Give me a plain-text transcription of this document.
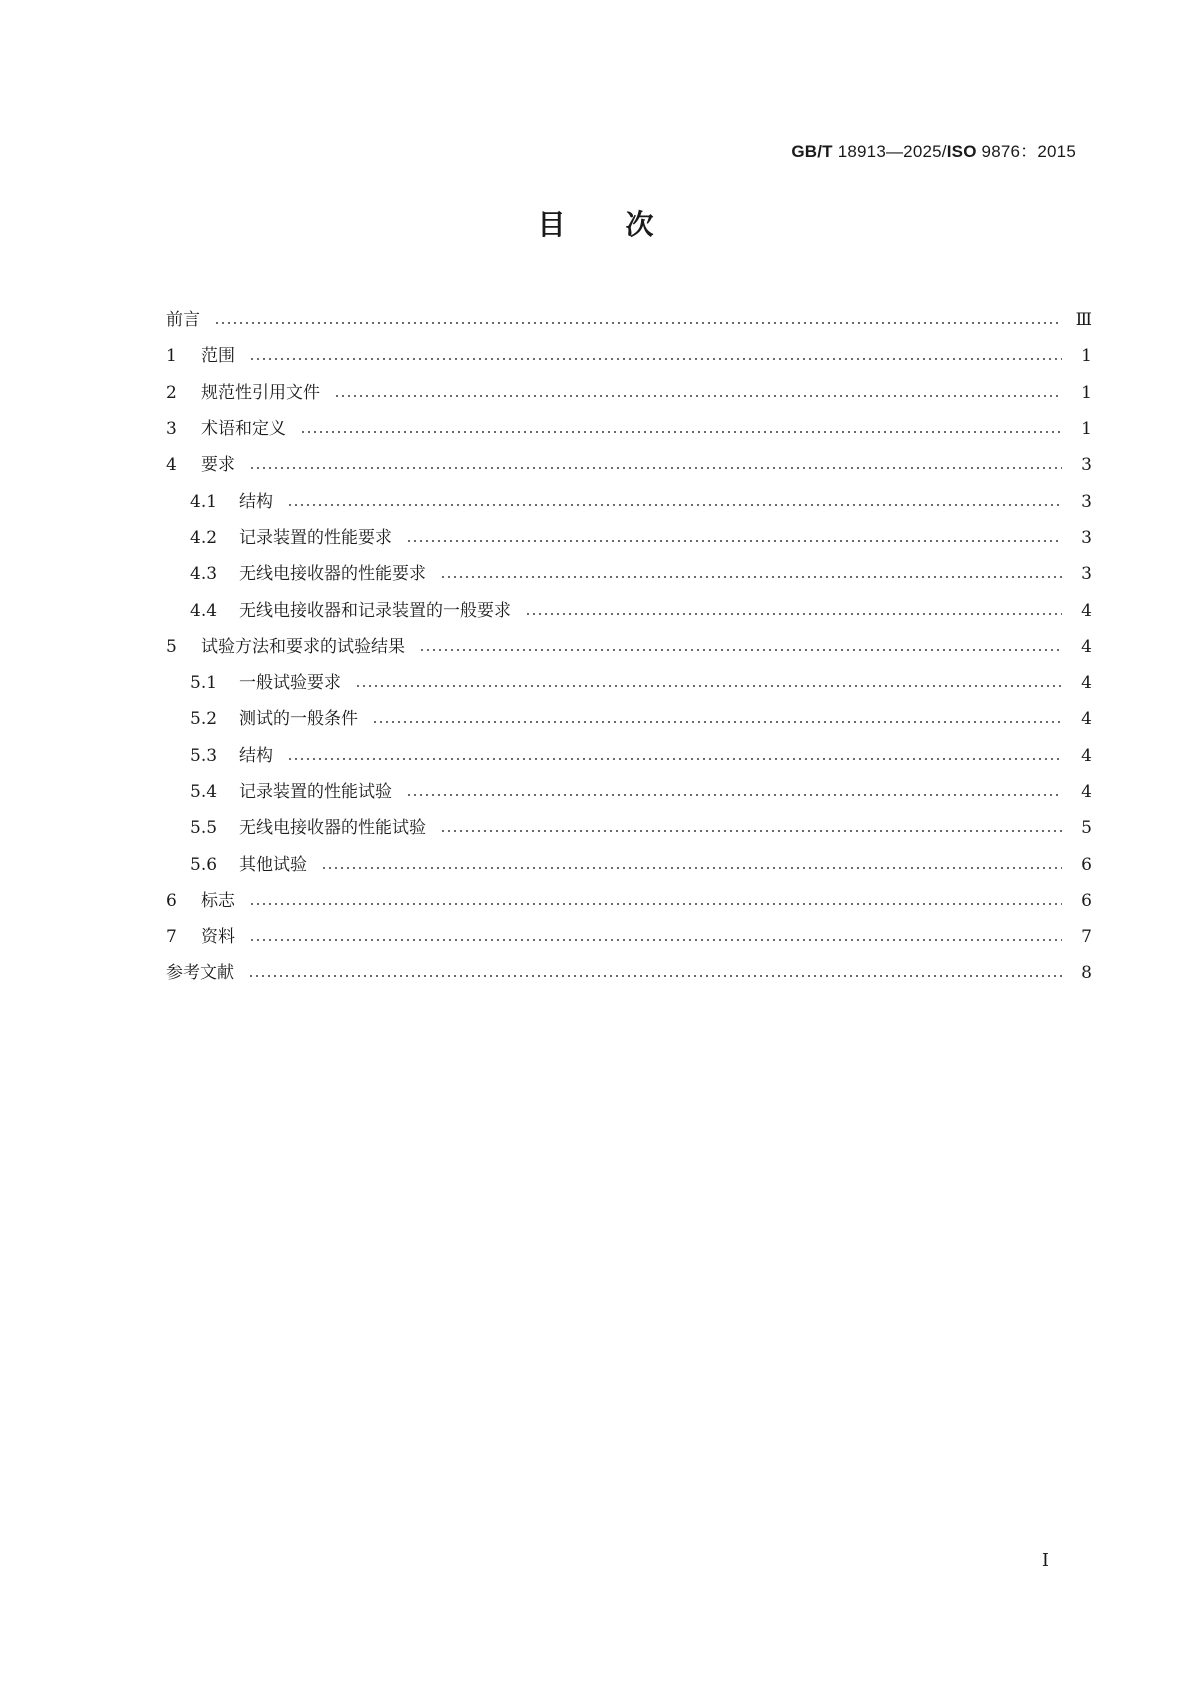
GB/T 18913—2025/ISO 9876：2015
目次
前言	Ⅲ
1	范围	1
2	规范性引用文件	1
3	术语和定义	1
4	要求	3
4.1	结构	3
4.2	记录装置的性能要求	3
4.3	无线电接收器的性能要求	3
4.4	无线电接收器和记录装置的一般要求	4
5	试验方法和要求的试验结果	4
5.1	一般试验要求	4
5.2	测试的一般条件	4
5.3	结构	4
5.4	记录装置的性能试验	4
5.5	无线电接收器的性能试验	5
5.6	其他试验	6
6	标志	6
7	资料	7
参考文献	8
Ⅰ
